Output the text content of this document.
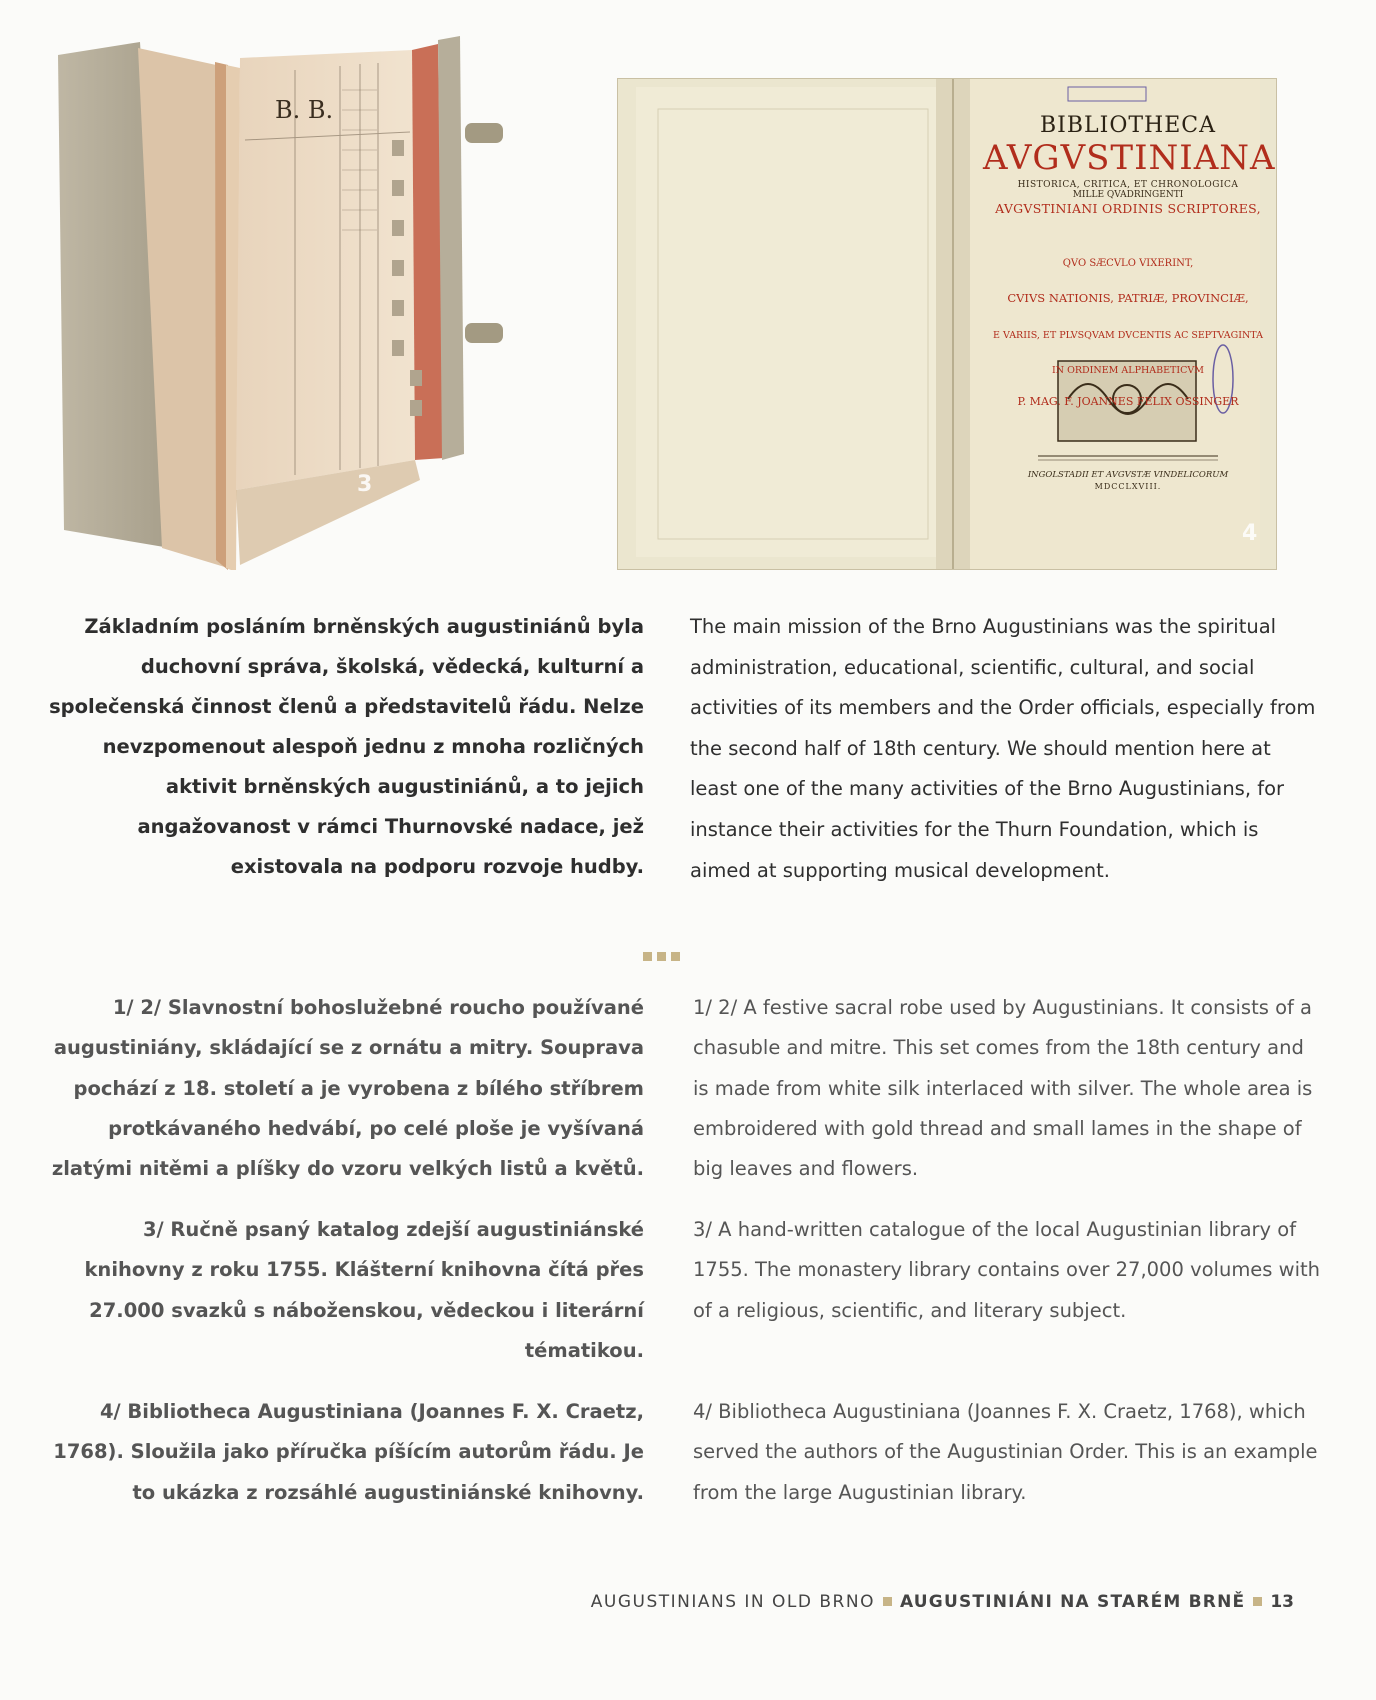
B. B.
3
BIBLIOTHECA
AVGVSTINIANA
HISTORICA, CRITICA, ET CHRONOLOGICA
MILLE QVADRINGENTI
AVGVSTINIANI ORDINIS SCRIPTORES,
QVO SÆCVLO VIXERINT,
CVIVS NATIONIS, PATRIÆ, PROVINCIÆ,
E VARIIS, ET PLVSQVAM DVCENTIS AC SEPTVAGINTA
IN ORDINEM ALPHABETICVM
P. MAG. F. JOANNES FELIX OSSINGER
INGOLSTADII ET AVGVSTÆ VINDELICORUM
MDCCLXVIII.
4

Základním posláním brněnských augustiniánů byla duchovní správa, školská, vědecká, kulturní a společenská činnost členů a představitelů řádu. Nelze nevzpomenout alespoň jednu z mnoha rozličných aktivit brněnských augustiniánů, a to jejich angažovanost v rámci Thurnovské nadace, jež existovala na podporu rozvoje hudby.

The main mission of the Brno Augustinians was the spiritual administration, educational, scientific, cultural, and social activities of its members and the Order officials, especially from the second half of 18th century. We should mention here at least one of the many activities of the Brno Augustinians, for instance their activities for the Thurn Foundation, which is aimed at supporting musical development.

1/ 2/ Slavnostní bohoslužebné roucho používané augustiniány, skládající se z ornátu a mitry. Souprava pochází z 18. století a je vyrobena z bílého stříbrem protkávaného hedvábí, po celé ploše je vyšívaná zlatými nitěmi a plíšky do vzoru velkých listů a květů.

1/ 2/ A festive sacral robe used by Augustinians. It consists of a chasuble and mitre. This set comes from the 18th century and is made from white silk interlaced with silver. The whole area is embroidered with gold thread and small lames in the shape of big leaves and flowers.

3/ Ručně psaný katalog zdejší augustiniánské knihovny z roku 1755. Klášterní knihovna čítá přes 27.000 svazků s náboženskou, vědeckou i literární tématikou.

3/ A hand-written catalogue of the local Augustinian library of 1755. The monastery library contains over 27,000 volumes with of a religious, scientific, and literary subject.

4/ Bibliotheca Augustiniana (Joannes F. X. Craetz, 1768). Sloužila jako příručka píšícím autorům řádu. Je to ukázka z rozsáhlé augustiniánské knihovny.

4/ Bibliotheca Augustiniana (Joannes F. X. Craetz, 1768), which served the authors of the Augustinian Order. This is an example from the large Augustinian library.

AUGUSTINIANS IN OLD BRNO AUGUSTINIÁNI NA STARÉM BRNĚ 13
